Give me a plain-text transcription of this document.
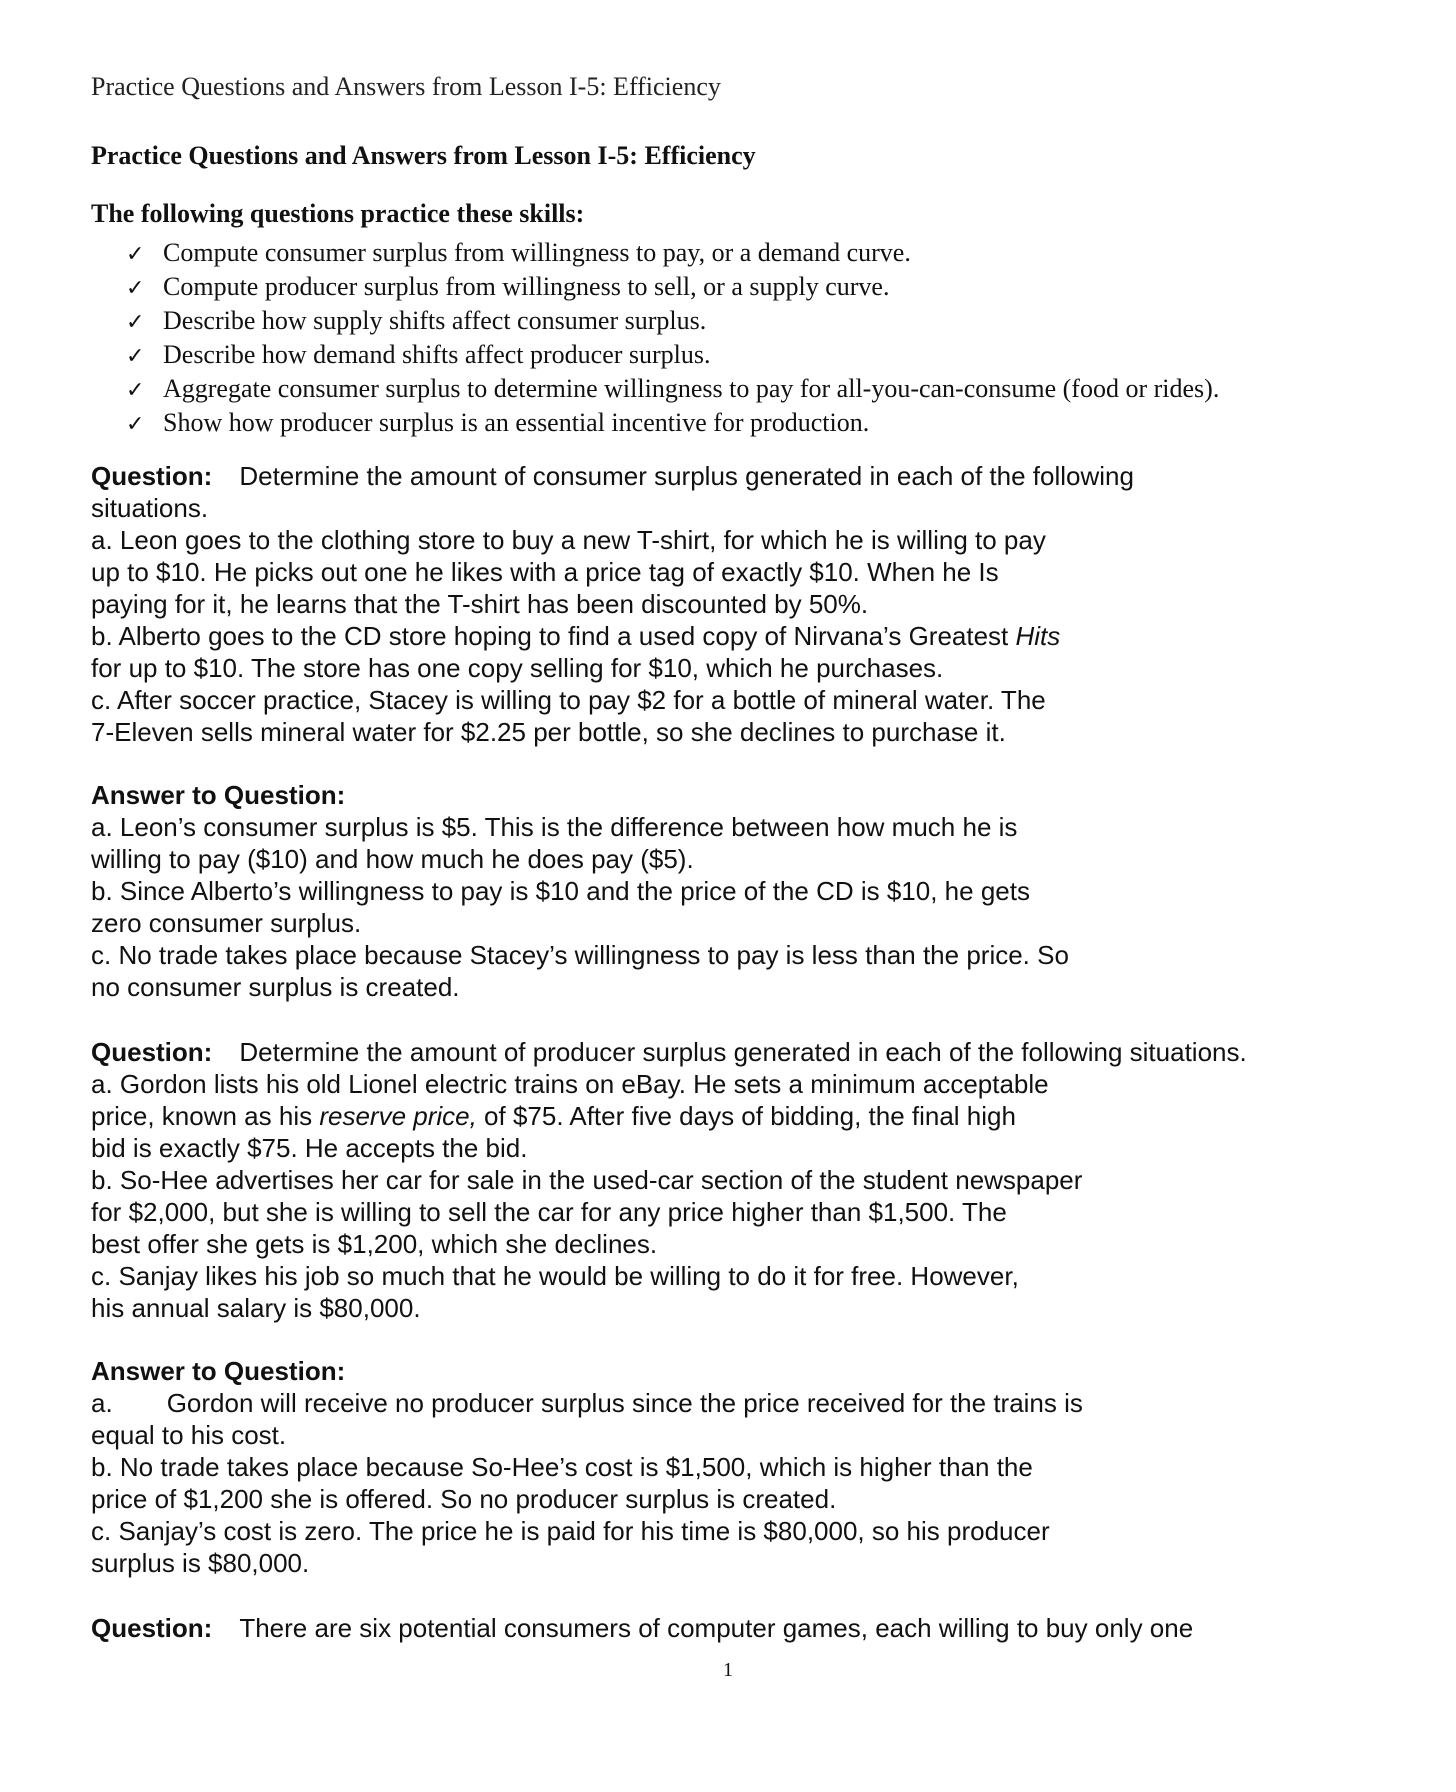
Practice Questions and Answers from Lesson I-5: Efficiency
Practice Questions and Answers from Lesson I-5: Efficiency
The following questions practice these skills:
✓ Compute consumer surplus from willingness to pay, or a demand curve.
✓ Compute producer surplus from willingness to sell, or a supply curve.
✓ Describe how supply shifts affect consumer surplus.
✓ Describe how demand shifts affect producer surplus.
✓ Aggregate consumer surplus to determine willingness to pay for all-you-can-consume (food or rides).
✓ Show how producer surplus is an essential incentive for production.
Question: Determine the amount of consumer surplus generated in each of the following
situations.
a. Leon goes to the clothing store to buy a new T-shirt, for which he is willing to pay
up to $10. He picks out one he likes with a price tag of exactly $10. When he Is
paying for it, he learns that the T-shirt has been discounted by 50%.
b. Alberto goes to the CD store hoping to find a used copy of Nirvana’s Greatest Hits
for up to $10. The store has one copy selling for $10, which he purchases.
c. After soccer practice, Stacey is willing to pay $2 for a bottle of mineral water. The
7-Eleven sells mineral water for $2.25 per bottle, so she declines to purchase it.
Answer to Question:
a. Leon’s consumer surplus is $5. This is the difference between how much he is
willing to pay ($10) and how much he does pay ($5).
b. Since Alberto’s willingness to pay is $10 and the price of the CD is $10, he gets
zero consumer surplus.
c. No trade takes place because Stacey’s willingness to pay is less than the price. So
no consumer surplus is created.
Question: Determine the amount of producer surplus generated in each of the following situations.
a. Gordon lists his old Lionel electric trains on eBay. He sets a minimum acceptable
price, known as his reserve price, of $75. After five days of bidding, the final high
bid is exactly $75. He accepts the bid.
b. So-Hee advertises her car for sale in the used-car section of the student newspaper
for $2,000, but she is willing to sell the car for any price higher than $1,500. The
best offer she gets is $1,200, which she declines.
c. Sanjay likes his job so much that he would be willing to do it for free. However,
his annual salary is $80,000.
Answer to Question:
a. Gordon will receive no producer surplus since the price received for the trains is
equal to his cost.
b. No trade takes place because So-Hee’s cost is $1,500, which is higher than the
price of $1,200 she is offered. So no producer surplus is created.
c. Sanjay’s cost is zero. The price he is paid for his time is $80,000, so his producer
surplus is $80,000.
Question: There are six potential consumers of computer games, each willing to buy only one
1
